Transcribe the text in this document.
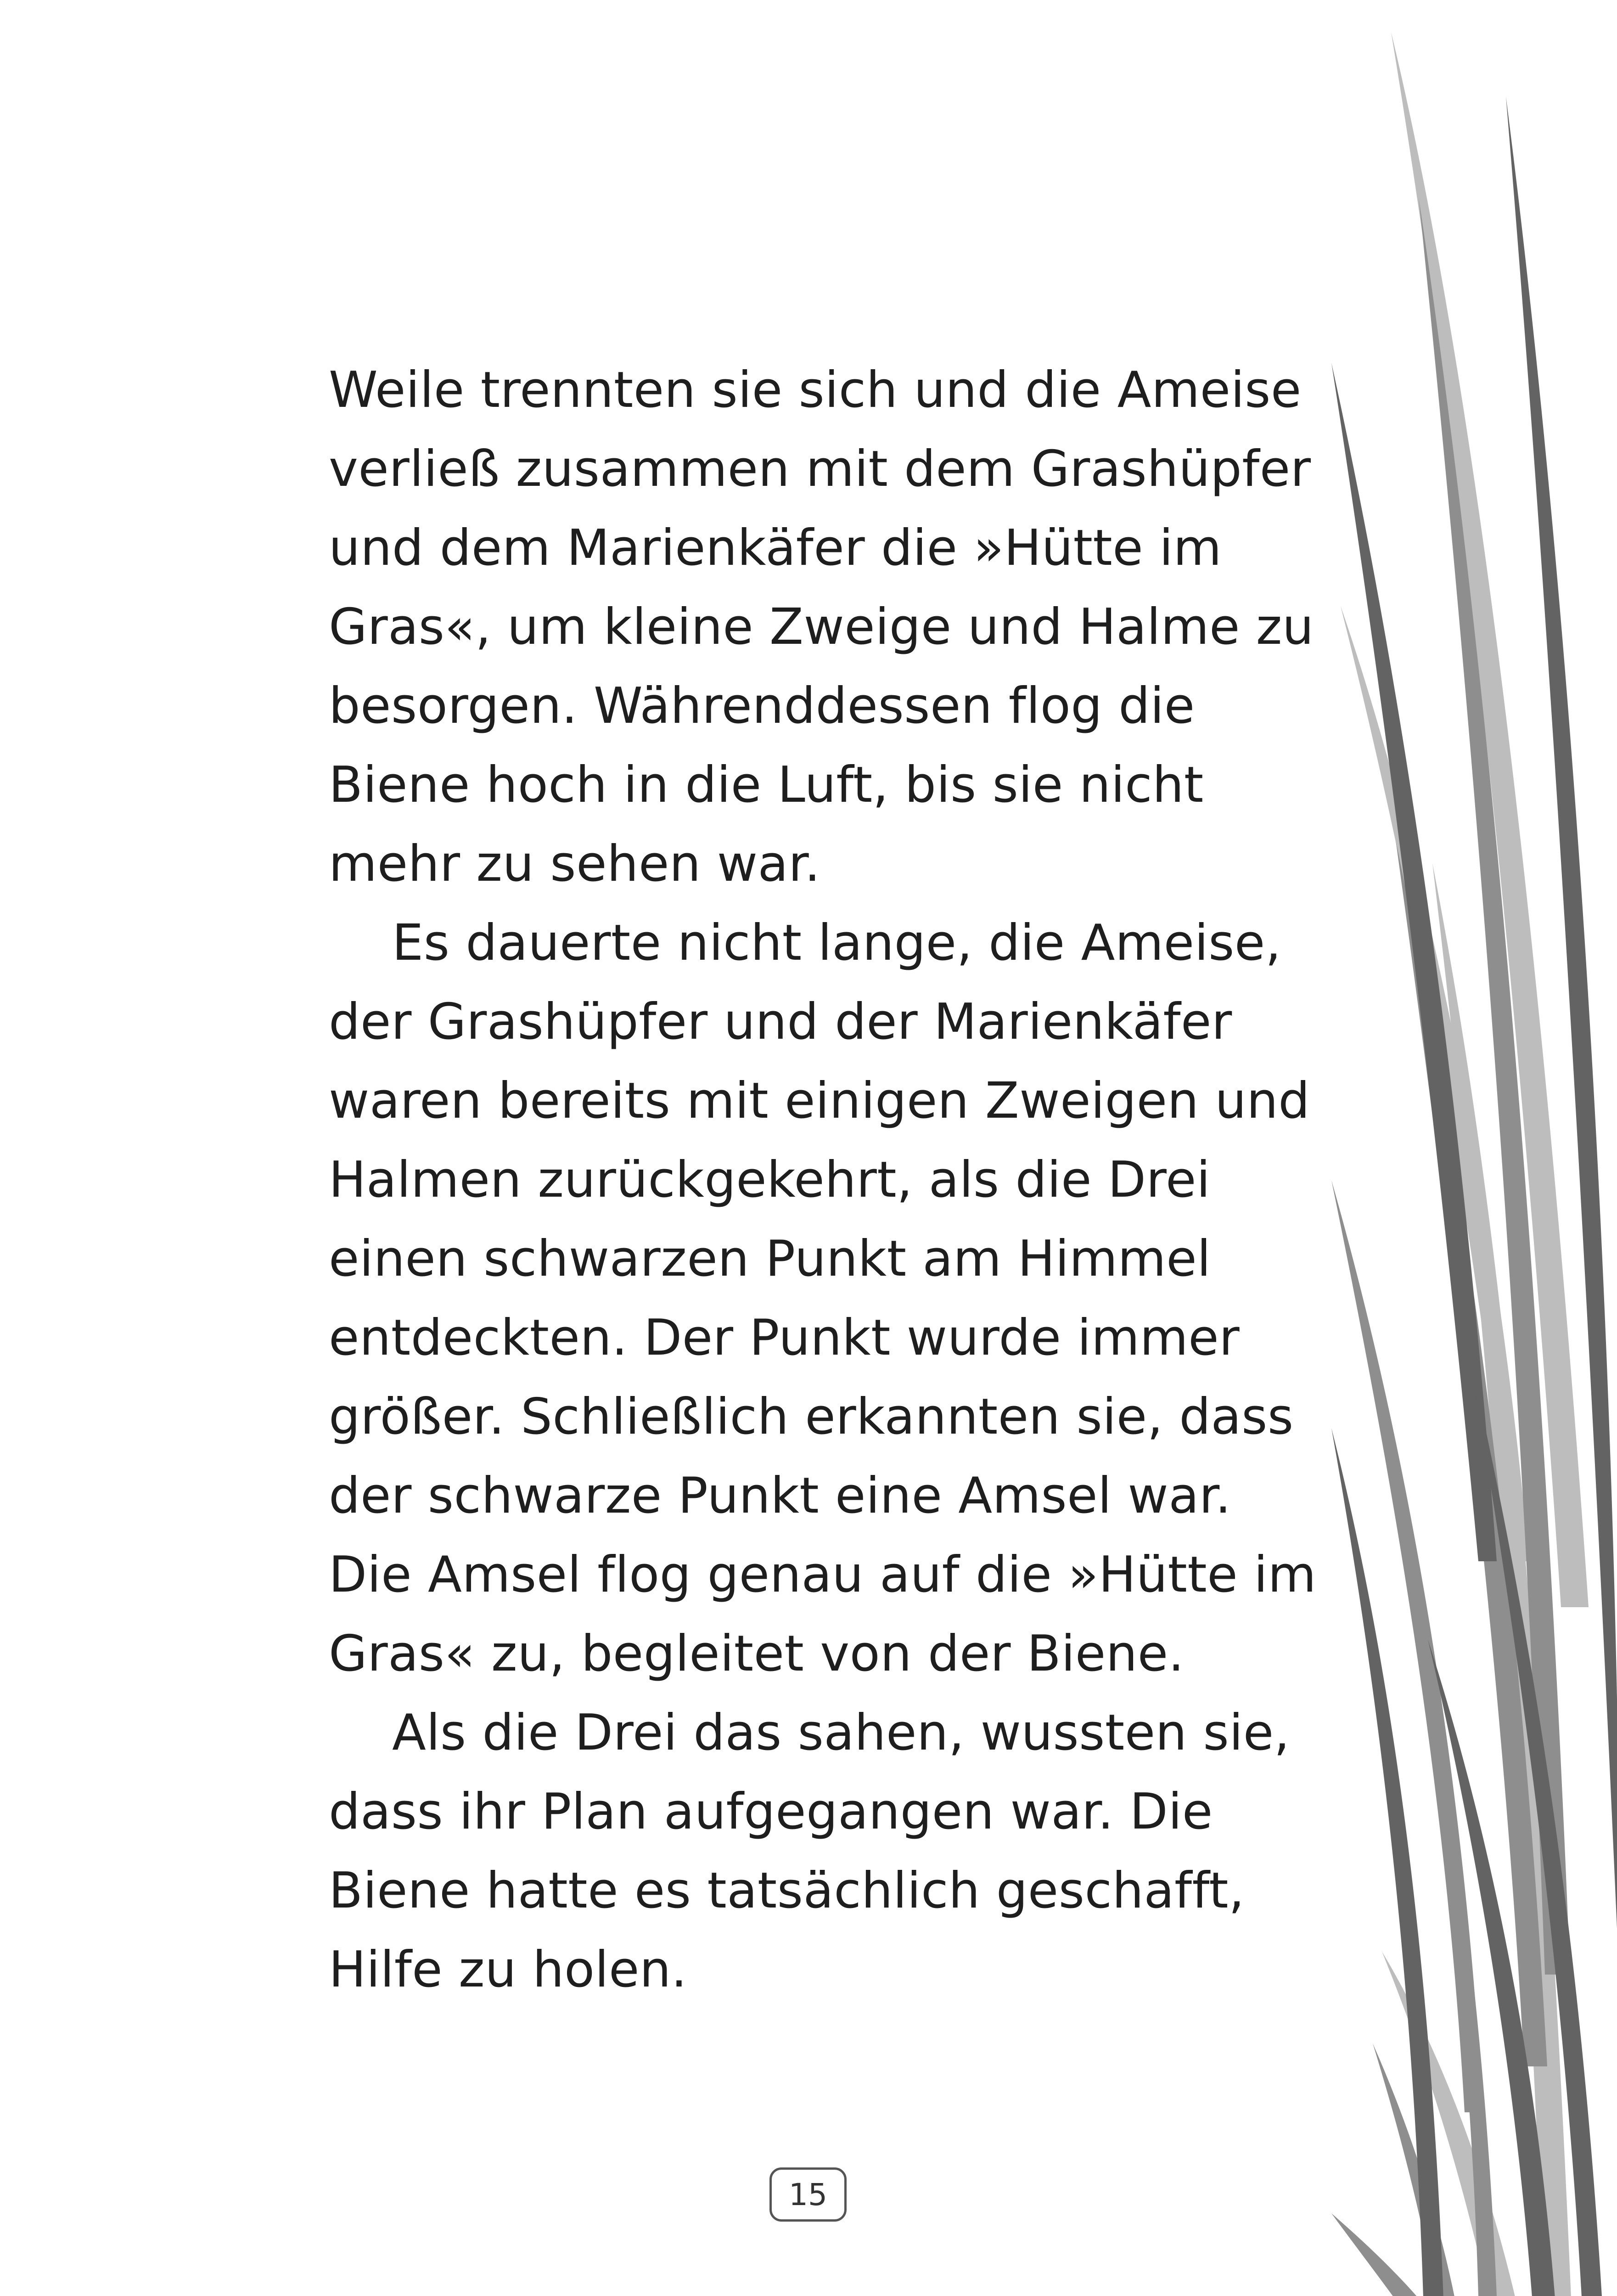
Weile trennten sie sich und die Ameise
verließ zusammen mit dem Grashüpfer
und dem Marienkäfer die »Hütte im
Gras«, um kleine Zweige und Halme zu
besorgen. Währenddessen flog die
Biene hoch in die Luft, bis sie nicht
mehr zu sehen war.
Es dauerte nicht lange, die Ameise,
der Grashüpfer und der Marienkäfer
waren bereits mit einigen Zweigen und
Halmen zurückgekehrt, als die Drei
einen schwarzen Punkt am Himmel
entdeckten. Der Punkt wurde immer
größer. Schließlich erkannten sie, dass
der schwarze Punkt eine Amsel war.
Die Amsel flog genau auf die »Hütte im
Gras« zu, begleitet von der Biene.
Als die Drei das sahen, wussten sie,
dass ihr Plan aufgegangen war. Die
Biene hatte es tatsächlich geschafft,
Hilfe zu holen.
15
